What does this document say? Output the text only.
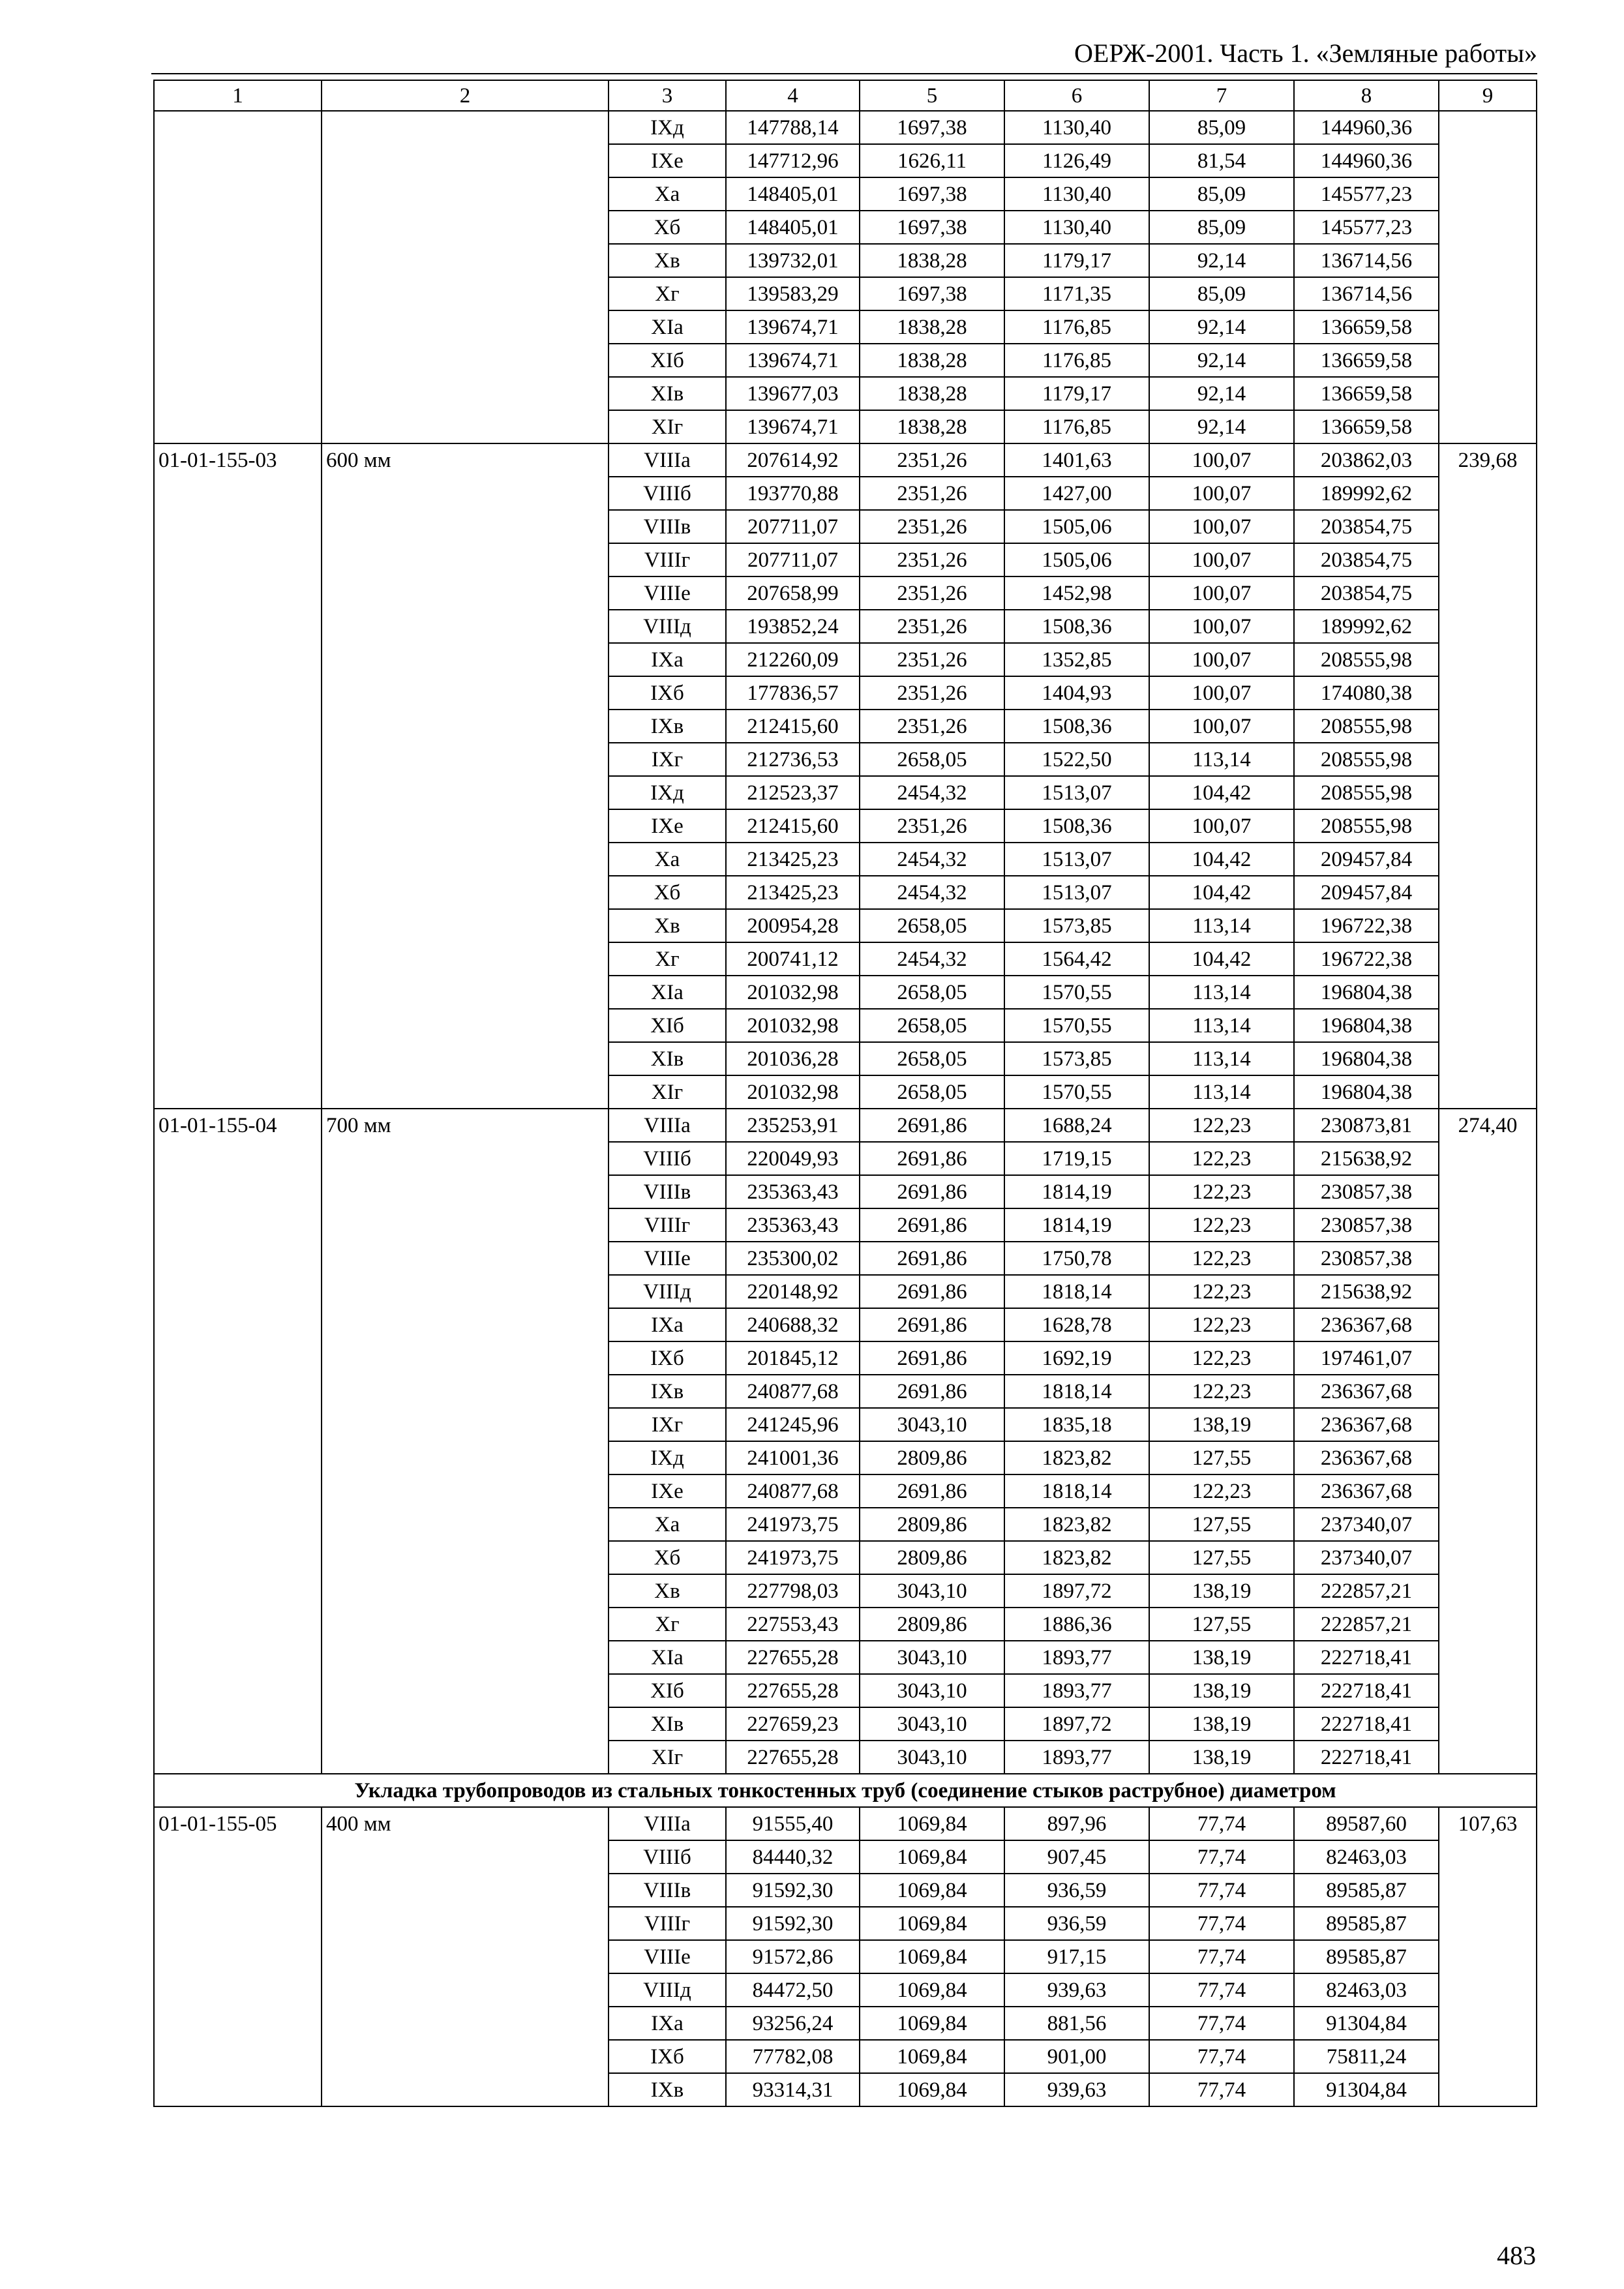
ОЕРЖ-2001. Часть 1. «Земляные работы»
1	2	3	4	5	6	7	8	9
		IXд	147788,14	1697,38	1130,40	85,09	144960,36	
		IXе	147712,96	1626,11	1126,49	81,54	144960,36	
		Xа	148405,01	1697,38	1130,40	85,09	145577,23	
		Xб	148405,01	1697,38	1130,40	85,09	145577,23	
		Xв	139732,01	1838,28	1179,17	92,14	136714,56	
		Xг	139583,29	1697,38	1171,35	85,09	136714,56	
		XIа	139674,71	1838,28	1176,85	92,14	136659,58	
		XIб	139674,71	1838,28	1176,85	92,14	136659,58	
		XIв	139677,03	1838,28	1179,17	92,14	136659,58	
		XIг	139674,71	1838,28	1176,85	92,14	136659,58	
01-01-155-03	600 мм	VIIIа	207614,92	2351,26	1401,63	100,07	203862,03	239,68
		VIIIб	193770,88	2351,26	1427,00	100,07	189992,62	
		VIIIв	207711,07	2351,26	1505,06	100,07	203854,75	
		VIIIг	207711,07	2351,26	1505,06	100,07	203854,75	
		VIIIе	207658,99	2351,26	1452,98	100,07	203854,75	
		VIIIд	193852,24	2351,26	1508,36	100,07	189992,62	
		IXа	212260,09	2351,26	1352,85	100,07	208555,98	
		IXб	177836,57	2351,26	1404,93	100,07	174080,38	
		IXв	212415,60	2351,26	1508,36	100,07	208555,98	
		IXг	212736,53	2658,05	1522,50	113,14	208555,98	
		IXд	212523,37	2454,32	1513,07	104,42	208555,98	
		IXе	212415,60	2351,26	1508,36	100,07	208555,98	
		Xа	213425,23	2454,32	1513,07	104,42	209457,84	
		Xб	213425,23	2454,32	1513,07	104,42	209457,84	
		Xв	200954,28	2658,05	1573,85	113,14	196722,38	
		Xг	200741,12	2454,32	1564,42	104,42	196722,38	
		XIа	201032,98	2658,05	1570,55	113,14	196804,38	
		XIб	201032,98	2658,05	1570,55	113,14	196804,38	
		XIв	201036,28	2658,05	1573,85	113,14	196804,38	
		XIг	201032,98	2658,05	1570,55	113,14	196804,38	
01-01-155-04	700 мм	VIIIа	235253,91	2691,86	1688,24	122,23	230873,81	274,40
		VIIIб	220049,93	2691,86	1719,15	122,23	215638,92	
		VIIIв	235363,43	2691,86	1814,19	122,23	230857,38	
		VIIIг	235363,43	2691,86	1814,19	122,23	230857,38	
		VIIIе	235300,02	2691,86	1750,78	122,23	230857,38	
		VIIIд	220148,92	2691,86	1818,14	122,23	215638,92	
		IXа	240688,32	2691,86	1628,78	122,23	236367,68	
		IXб	201845,12	2691,86	1692,19	122,23	197461,07	
		IXв	240877,68	2691,86	1818,14	122,23	236367,68	
		IXг	241245,96	3043,10	1835,18	138,19	236367,68	
		IXд	241001,36	2809,86	1823,82	127,55	236367,68	
		IXе	240877,68	2691,86	1818,14	122,23	236367,68	
		Xа	241973,75	2809,86	1823,82	127,55	237340,07	
		Xб	241973,75	2809,86	1823,82	127,55	237340,07	
		Xв	227798,03	3043,10	1897,72	138,19	222857,21	
		Xг	227553,43	2809,86	1886,36	127,55	222857,21	
		XIа	227655,28	3043,10	1893,77	138,19	222718,41	
		XIб	227655,28	3043,10	1893,77	138,19	222718,41	
		XIв	227659,23	3043,10	1897,72	138,19	222718,41	
		XIг	227655,28	3043,10	1893,77	138,19	222718,41	
Укладка трубопроводов из стальных тонкостенных труб (соединение стыков раструбное) диаметром								
01-01-155-05	400 мм	VIIIа	91555,40	1069,84	897,96	77,74	89587,60	107,63
		VIIIб	84440,32	1069,84	907,45	77,74	82463,03	
		VIIIв	91592,30	1069,84	936,59	77,74	89585,87	
		VIIIг	91592,30	1069,84	936,59	77,74	89585,87	
		VIIIе	91572,86	1069,84	917,15	77,74	89585,87	
		VIIIд	84472,50	1069,84	939,63	77,74	82463,03	
		IXа	93256,24	1069,84	881,56	77,74	91304,84	
		IXб	77782,08	1069,84	901,00	77,74	75811,24	
		IXв	93314,31	1069,84	939,63	77,74	91304,84	
483
